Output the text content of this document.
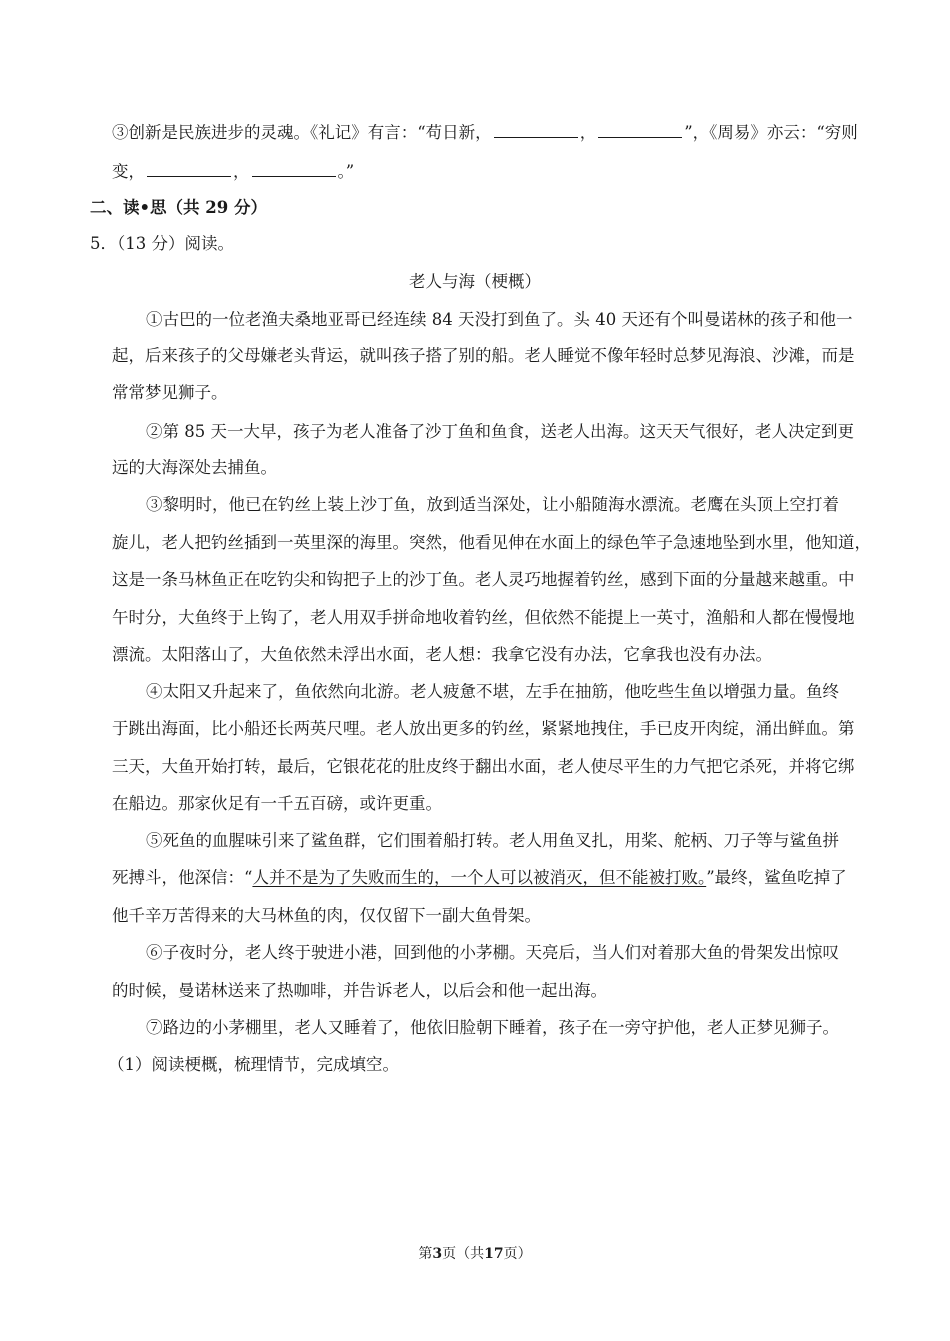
③创新是民族进步的灵魂。《礼记》有言：“苟日新，	，	”，《周易》亦云：“穷则
变，	，	。”
二、读•思（共 29 分）
5．（13 分）阅读。
老人与海（梗概）
①古巴的一位老渔夫桑地亚哥已经连续 84 天没打到鱼了。头 40 天还有个叫曼诺林的孩子和他一
起，后来孩子的父母嫌老头背运，就叫孩子搭了别的船。老人睡觉不像年轻时总梦见海浪、沙滩，而是
常常梦见狮子。
②第 85 天一大早，孩子为老人准备了沙丁鱼和鱼食，送老人出海。这天天气很好，老人决定到更
远的大海深处去捕鱼。
③黎明时，他已在钓丝上装上沙丁鱼，放到适当深处，让小船随海水漂流。老鹰在头顶上空打着
旋儿，老人把钓丝插到一英里深的海里。突然，他看见伸在水面上的绿色竿子急速地坠到水里，他知道，
这是一条马林鱼正在吃钓尖和钩把子上的沙丁鱼。老人灵巧地握着钓丝，感到下面的分量越来越重。中
午时分，大鱼终于上钩了，老人用双手拼命地收着钓丝，但依然不能提上一英寸，渔船和人都在慢慢地
漂流。太阳落山了，大鱼依然未浮出水面，老人想：我拿它没有办法，它拿我也没有办法。
④太阳又升起来了，鱼依然向北游。老人疲惫不堪，左手在抽筋，他吃些生鱼以增强力量。鱼终
于跳出海面，比小船还长两英尺哩。老人放出更多的钓丝，紧紧地拽住，手已皮开肉绽，涌出鲜血。第
三天，大鱼开始打转，最后，它银花花的肚皮终于翻出水面，老人使尽平生的力气把它杀死，并将它绑
在船边。那家伙足有一千五百磅，或许更重。
⑤死鱼的血腥味引来了鲨鱼群，它们围着船打转。老人用鱼叉扎，用桨、舵柄、刀子等与鲨鱼拼
死搏斗，他深信：“人并不是为了失败而生的，一个人可以被消灭，但不能被打败。”最终，鲨鱼吃掉了
他千辛万苦得来的大马林鱼的肉，仅仅留下一副大鱼骨架。
⑥子夜时分，老人终于驶进小港，回到他的小茅棚。天亮后，当人们对着那大鱼的骨架发出惊叹
的时候，曼诺林送来了热咖啡，并告诉老人，以后会和他一起出海。
⑦路边的小茅棚里，老人又睡着了，他依旧脸朝下睡着，孩子在一旁守护他，老人正梦见狮子。
（1）阅读梗概，梳理情节，完成填空。
第3页（共17页）
